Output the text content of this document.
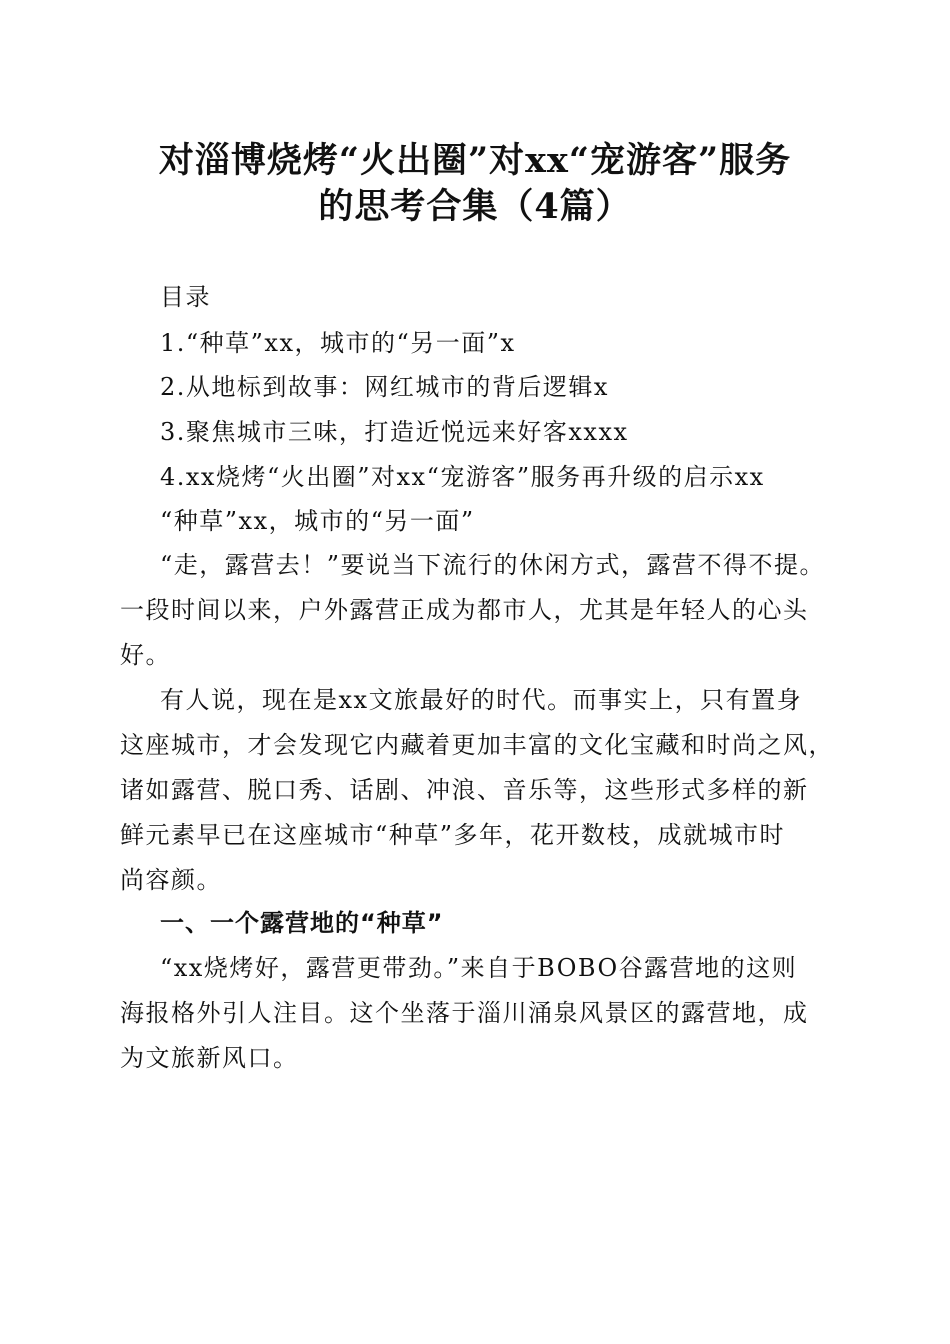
对淄博烧烤“火出圈”对xx“宠游客”服务
的思考合集（4篇）
目录
1.“种草”xx，城市的“另一面”x
2.从地标到故事：网红城市的背后逻辑x
3.聚焦城市三味，打造近悦远来好客xxxx
4.xx烧烤“火出圈”对xx“宠游客”服务再升级的启示xx
“种草”xx，城市的“另一面”
“走，露营去！”要说当下流行的休闲方式，露营不得不提。
一段时间以来，户外露营正成为都市人，尤其是年轻人的心头
好。
有人说，现在是xx文旅最好的时代。而事实上，只有置身
这座城市，才会发现它内藏着更加丰富的文化宝藏和时尚之风，
诸如露营、脱口秀、话剧、冲浪、音乐等，这些形式多样的新
鲜元素早已在这座城市“种草”多年，花开数枝，成就城市时
尚容颜。
一、一个露营地的“种草”
“xx烧烤好，露营更带劲。”来自于BOBO谷露营地的这则
海报格外引人注目。这个坐落于淄川涌泉风景区的露营地，成
为文旅新风口。
